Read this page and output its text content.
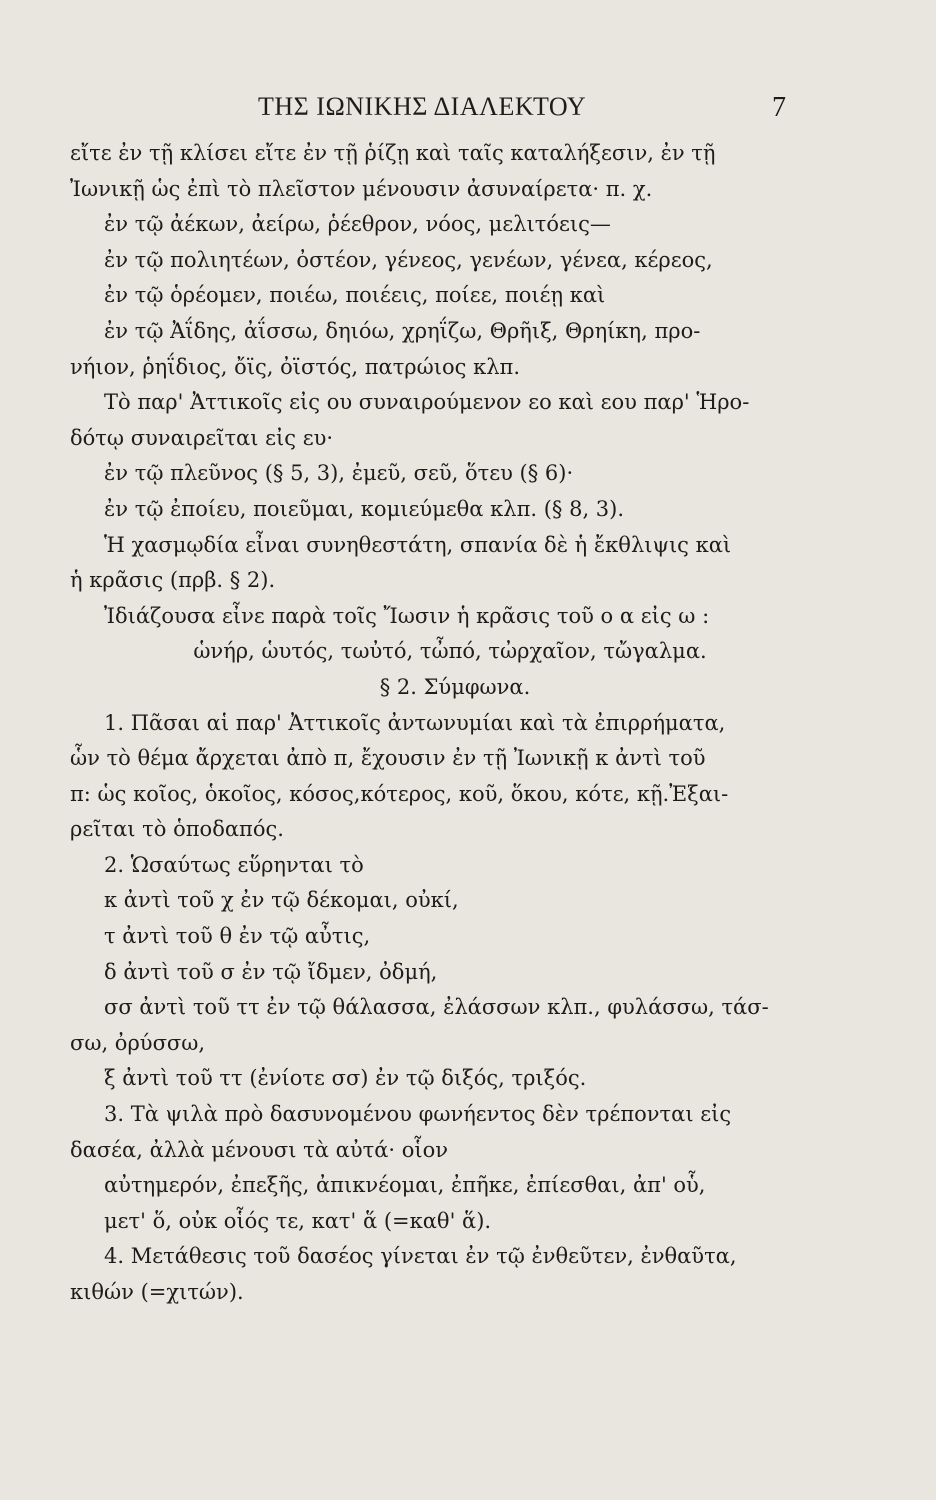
ΤΗΣ ΙΩΝΙΚΗΣ ΔΙΑΛΕΚΤΟΥ	7
εἴτε ἐν τῇ κλίσει εἴτε ἐν τῇ ῥίζῃ καὶ ταῖς καταλήξεσιν, ἐν τῇ
Ἰωνικῇ ὡς ἐπὶ τὸ πλεῖστον μένουσιν ἀσυναίρετα· π. χ.
ἐν τῷ ἀέκων, ἀείρω, ῥέεθρον, νόος, μελιτόεις—
ἐν τῷ πολιητέων, ὀστέον, γένεος, γενέων, γένεα, κέρεος,
ἐν τῷ ὁρέομεν, ποιέω, ποιέεις, ποίεε, ποιέῃ καὶ
ἐν τῷ Ἀΐδης, ἀΐσσω, δηιόω, χρηΐζω, Θρῆιξ, Θρηίκη, προ-
νήιον, ῥηΐδιος, ὄϊς, ὀϊστός, πατρώιος κλπ.
Τὸ παρ' Ἀττικοῖς εἰς ου συναιρούμενον εο καὶ εου παρ' Ἡρο-
δότῳ συναιρεῖται εἰς ευ·
ἐν τῷ πλεῦνος (§ 5, 3), ἐμεῦ, σεῦ, ὅτευ (§ 6)·
ἐν τῷ ἐποίευ, ποιεῦμαι, κομιεύμεθα κλπ. (§ 8, 3).
Ἡ χασμῳδία εἶναι συνηθεστάτη, σπανία δὲ ἡ ἔκθλιψις καὶ
ἡ κρᾶσις (πρβ. § 2).
Ἰδιάζουσα εἶνε παρὰ τοῖς Ἴωσιν ἡ κρᾶσις τοῦ ο α εἰς ω :
ὡνήρ, ὡυτός, τωὐτό, τὦπό, τὠρχαῖον, τὤγαλμα.
§ 2. Σύμφωνα.
1. Πᾶσαι αἱ παρ' Ἀττικοῖς ἀντωνυμίαι καὶ τὰ ἐπιρρήματα,
ὧν τὸ θέμα ἄρχεται ἀπὸ π, ἔχουσιν ἐν τῇ Ἰωνικῇ κ ἀντὶ τοῦ
π: ὡς κοῖος, ὁκοῖος, κόσος,κότερος, κοῦ, ὅκου, κότε, κῇ.Ἐξαι-
ρεῖται τὸ ὁποδαπός.
2. Ὡσαύτως εὕρηνται τὸ
κ ἀντὶ τοῦ χ ἐν τῷ δέκομαι, οὐκί,
τ ἀντὶ τοῦ θ ἐν τῷ αὖτις,
δ ἀντὶ τοῦ σ ἐν τῷ ἴδμεν, ὀδμή,
σσ ἀντὶ τοῦ ττ ἐν τῷ θάλασσα, ἐλάσσων κλπ., φυλάσσω, τάσ-
σω, ὀρύσσω,
ξ ἀντὶ τοῦ ττ (ἐνίοτε σσ) ἐν τῷ διξός, τριξός.
3. Τὰ ψιλὰ πρὸ δασυνομένου φωνήεντος δὲν τρέπονται εἰς
δασέα, ἀλλὰ μένουσι τὰ αὐτά· οἷον
αὐτημερόν, ἐπεξῆς, ἀπικνέομαι, ἐπῆκε, ἐπίεσθαι, ἀπ' οὗ,
μετ' ὅ, οὐκ οἷός τε, κατ' ἅ (=καθ' ἅ).
4. Μετάθεσις τοῦ δασέος γίνεται ἐν τῷ ἐνθεῦτεν, ἐνθαῦτα,
κιθών (=χιτών).
